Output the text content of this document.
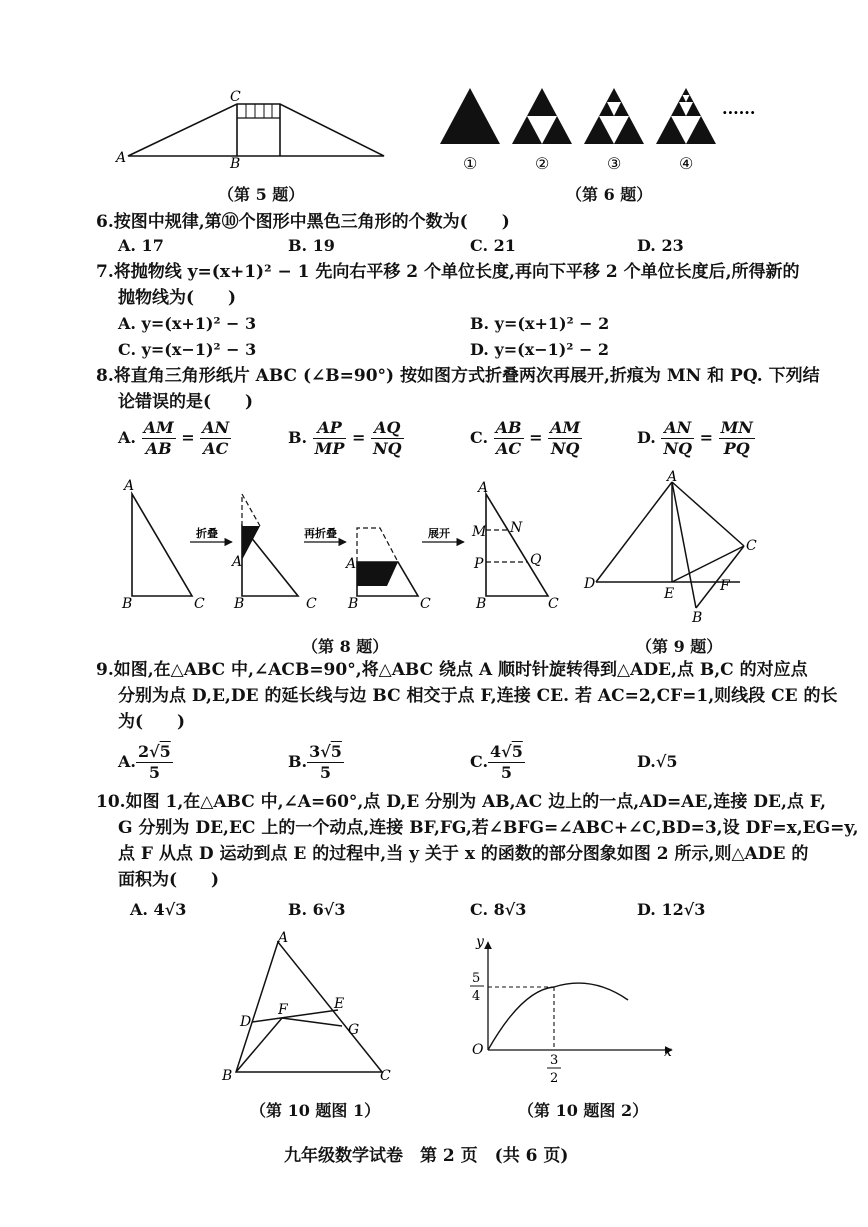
C
A	B
（第 5 题）
······
①	②	③	④
（第 6 题）
6.按图中规律,第⑩个图形中黑色三角形的个数为(　　)
A. 17	B. 19	C. 21	D. 23
7.将抛物线 y=(x+1)² − 1 先向右平移 2 个单位长度,再向下平移 2 个单位长度后,所得新的
抛物线为(　　)
A. y=(x+1)² − 3	B. y=(x+1)² − 2
C. y=(x−1)² − 3	D. y=(x−1)² − 2
8.将直角三角形纸片 ABC (∠B=90°) 按如图方式折叠两次再展开,折痕为 MN 和 PQ. 下列结
论错误的是(　　)
A. $\frac{AM}{AB} = \frac{AN}{AC}$	B. $\frac{AP}{MP} = \frac{AQ}{NQ}$	C. $\frac{AB}{AC} = \frac{AM}{NQ}$	D. $\frac{AN}{NQ} = \frac{MN}{PQ}$
A
B	C
折叠
A
B	C
再折叠
A
B	C
展开
A
M N
P	Q
B	C
（第 8 题）
A
C
D
E	F
B
（第 9 题）
9.如图,在△ABC 中,∠ACB=90°,将△ABC 绕点 A 顺时针旋转得到△ADE,点 B,C 的对应点
分别为点 D,E,DE 的延长线与边 BC 相交于点 F,连接 CE. 若 AC=2,CF=1,则线段 CE 的长
为(　　)
A. $\frac{2√5}{5}$	B. $\frac{3√5}{5}$	C. $\frac{4√5}{5}$	D.√5
10.如图 1,在△ABC 中,∠A=60°,点 D,E 分别为 AB,AC 边上的一点,AD=AE,连接 DE,点 F,
G 分别为 DE,EC 上的一个动点,连接 BF,FG,若∠BFG=∠ABC+∠C,BD=3,设 DF=x,EG=y,
点 F 从点 D 运动到点 E 的过程中,当 y 关于 x 的函数的部分图象如图 2 所示,则△ADE 的
面积为(　　)
A. 4√3	B. 6√3	C. 8√3	D. 12√3
A
D
F	E
G
B	C
（第 10 题图 1）
y
x
O
5
4
3
2
（第 10 题图 2）
九年级数学试卷　第 2 页　(共 6 页)
